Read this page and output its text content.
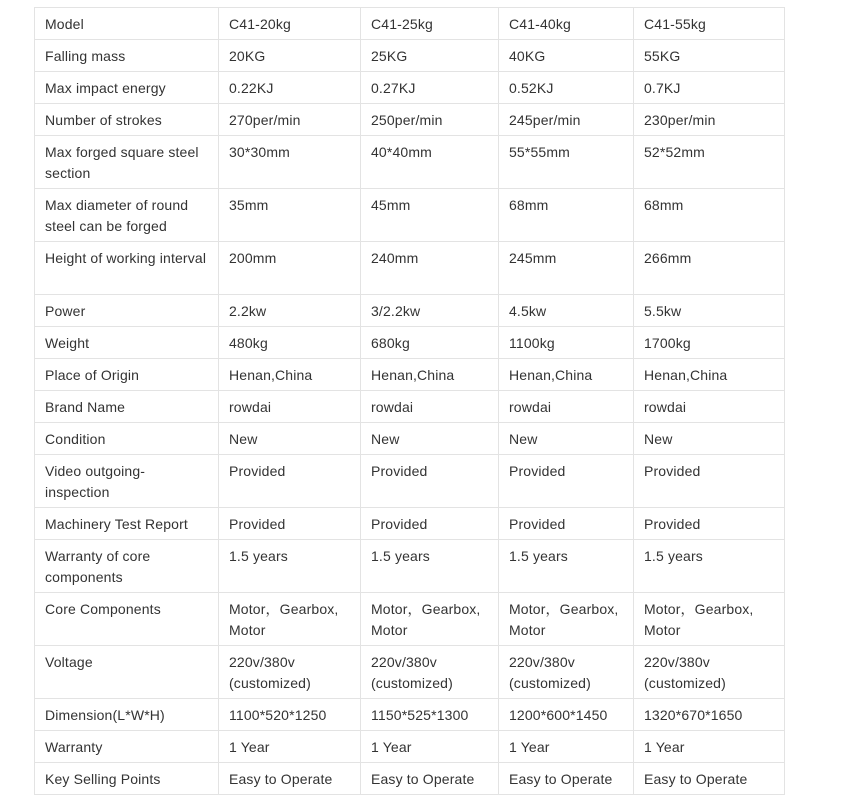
Model	C41-20kg	C41-25kg	C41-40kg	C41-55kg
Falling mass	20KG	25KG	40KG	55KG
Max impact energy	0.22KJ	0.27KJ	0.52KJ	0.7KJ
Number of strokes	270per/min	250per/min	245per/min	230per/min
Max forged square steel section	30*30mm	40*40mm	55*55mm	52*52mm
Max diameter of round steel can be forged	35mm	45mm	68mm	68mm
Height of working interval	200mm	240mm	245mm	266mm
Power	2.2kw	3/2.2kw	4.5kw	5.5kw
Weight	480kg	680kg	1100kg	1700kg
Place of Origin	Henan,China	Henan,China	Henan,China	Henan,China
Brand Name	rowdai	rowdai	rowdai	rowdai
Condition	New	New	New	New
Video outgoing-inspection	Provided	Provided	Provided	Provided
Machinery Test Report	Provided	Provided	Provided	Provided
Warranty of core components	1.5 years	1.5 years	1.5 years	1.5 years
Core Components	Motor，Gearbox, Motor	Motor，Gearbox, Motor	Motor，Gearbox, Motor	Motor，Gearbox, Motor
Voltage	220v/380v (customized)	220v/380v (customized)	220v/380v (customized)	220v/380v (customized)
Dimension(L*W*H)	1100*520*1250	1150*525*1300	1200*600*1450	1320*670*1650
Warranty	1 Year	1 Year	1 Year	1 Year
Key Selling Points	Easy to Operate	Easy to Operate	Easy to Operate	Easy to Operate
